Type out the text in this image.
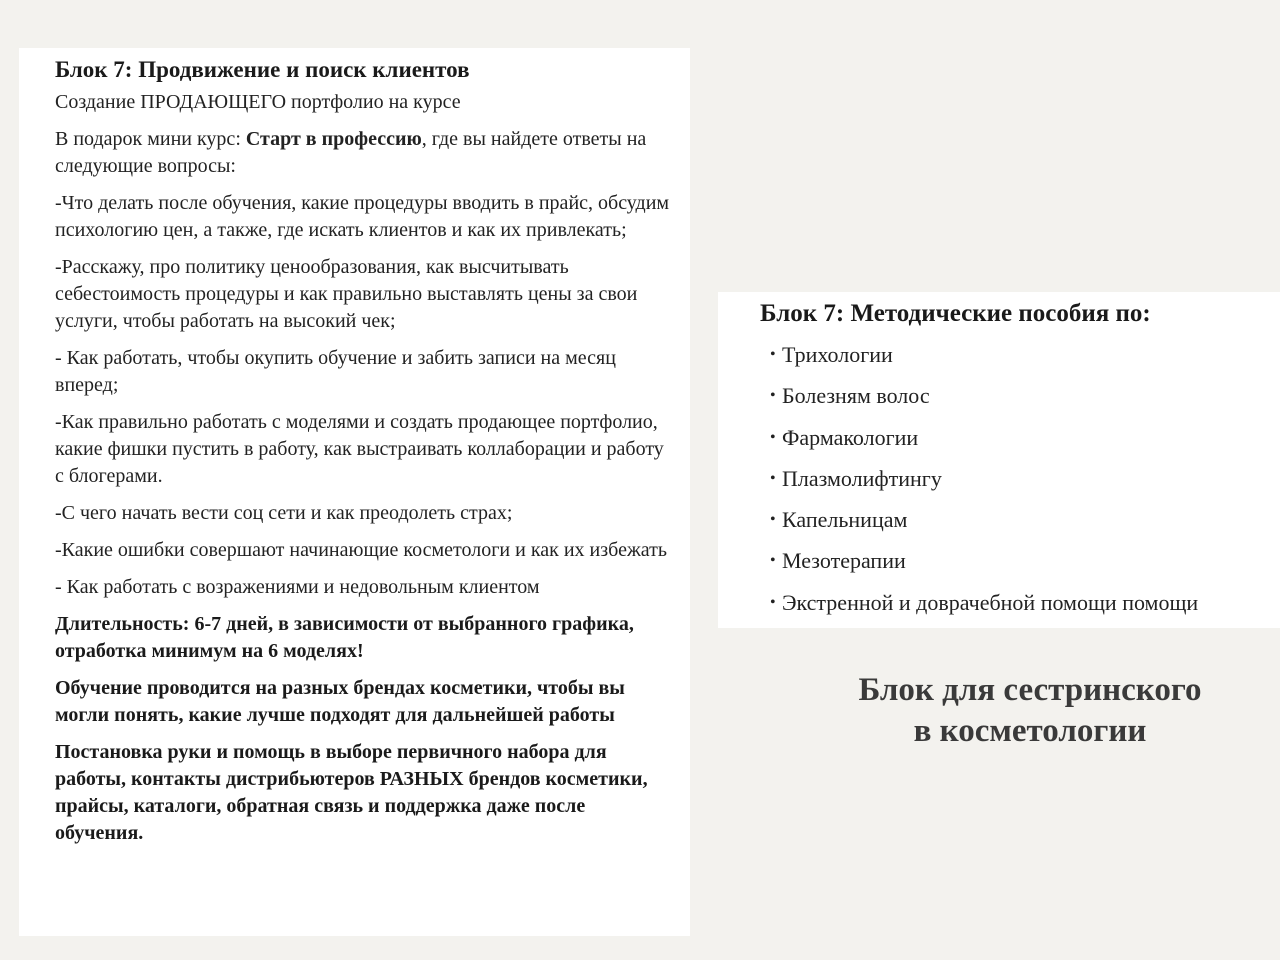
Блок 7: Продвижение и поиск клиентов

Создание ПРОДАЮЩЕГО портфолио на курсе

В подарок мини курс: Старт в профессию, где вы найдете ответы на следующие вопросы:

-Что делать после обучения, какие процедуры вводить в прайс, обсудим психологию цен, а также, где искать клиентов и как их привлекать;

-Расскажу, про политику ценообразования, как высчитывать себестоимость процедуры и как правильно выставлять цены за свои услуги, чтобы работать на высокий чек;

- Как работать, чтобы окупить обучение и забить записи на месяц вперед;

-Как правильно работать с моделями и создать продающее портфолио, какие фишки пустить в работу, как выстраивать коллаборации и работу с блогерами.

-С чего начать вести соц сети и как преодолеть страх;

-Какие ошибки совершают начинающие косметологи и как их избежать

- Как работать с возражениями и недовольным клиентом

Длительность: 6-7 дней, в зависимости от выбранного графика, отработка минимум на 6 моделях!

Обучение проводится на разных брендах косметики, чтобы вы могли понять, какие лучше подходят для дальнейшей работы

Постановка руки и помощь в выборе первичного набора для работы, контакты дистрибьютеров РАЗНЫХ брендов косметики, прайсы, каталоги, обратная связь и поддержка даже после обучения.

Блок 7: Методические пособия по:
• Трихологии
• Болезням волос
• Фармакологии
• Плазмолифтингу
• Капельницам
• Мезотерапии
• Экстренной и доврачебной помощи помощи
Блок для сестринского
в косметологии
